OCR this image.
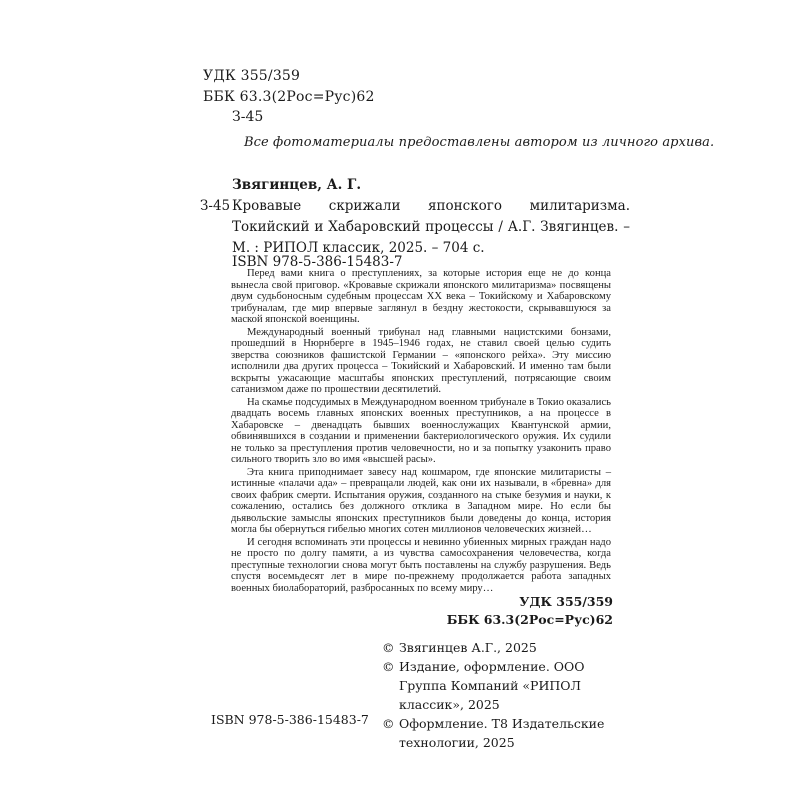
УДК 355/359
ББК 63.3(2Рос=Рус)62
З-45
Все фотоматериалы предоставлены автором из личного архива.
Звягинцев, А. Г.
З-45 Кровавые скрижали японского милитаризма. Токийский и Хабаровский процессы / А.Г. Звягинцев. – М. : РИПОЛ классик, 2025. – 704 с.
ISBN 978-5-386-15483-7

Перед вами книга о преступлениях, за которые история еще не до конца вынесла свой приговор. «Кровавые скрижали японского милитаризма» посвящены двум судьбоносным судебным процессам XX века – Токийскому и Хабаровскому трибуналам, где мир впервые заглянул в бездну жестокости, скрывавшуюся за маской японской военщины.

Международный военный трибунал над главными нацистскими бонзами, прошедший в Нюрнберге в 1945–1946 годах, не ставил своей целью судить зверства союзников фашистской Германии – «японского рейха». Эту миссию исполнили два других процесса – Токийский и Хабаровский. И именно там были вскрыты ужасающие масштабы японских преступлений, потрясающие своим сатанизмом даже по прошествии десятилетий.

На скамье подсудимых в Международном военном трибунале в Токио оказались двадцать восемь главных японских военных преступников, а на процессе в Хабаровске – двенадцать бывших военнослужащих Квантунской армии, обвинявшихся в создании и применении бактериологического оружия. Их судили не только за преступления против человечности, но и за попытку узаконить право сильного творить зло во имя «высшей расы».

Эта книга приподнимает завесу над кошмаром, где японские милитаристы – истинные «палачи ада» – превращали людей, как они их называли, в «бревна» для своих фабрик смерти. Испытания оружия, созданного на стыке безумия и науки, к сожалению, остались без должного отклика в Западном мире. Но если бы дьявольские замыслы японских преступников были доведены до конца, история могла бы обернуться гибелью многих сотен миллионов человеческих жизней…

И сегодня вспоминать эти процессы и невинно убиенных мирных граждан надо не просто по долгу памяти, а из чувства самосохранения человечества, когда преступные технологии снова могут быть поставлены на службу разрушения. Ведь спустя восемьдесят лет в мире по-прежнему продолжается работа западных военных биолабораторий, разбросанных по всему миру…

УДК 355/359
ББК 63.3(2Рос=Рус)62
ISBN 978-5-386-15483-7
© Звягинцев А.Г., 2025
© Издание, оформление. ООО Группа Компаний «РИПОЛ классик», 2025
© Оформление. Т8 Издательские технологии, 2025
